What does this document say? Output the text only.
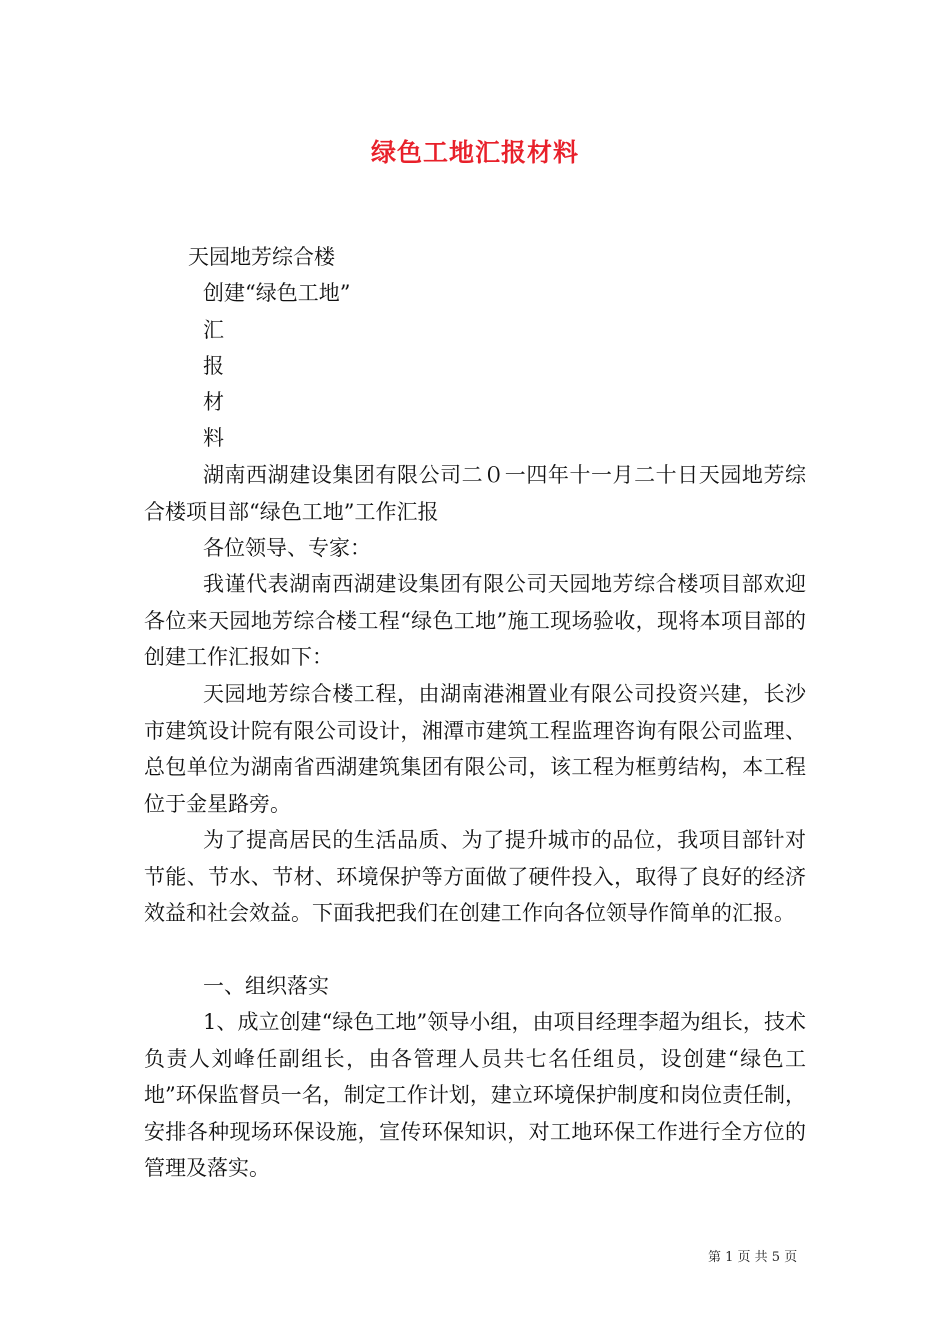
绿色工地汇报材料
天园地芳综合楼
创建“绿色工地”
汇
报
材
料
湖南西湖建设集团有限公司二０一四年十一月二十日天园地芳综合楼项目部“绿色工地”工作汇报
各位领导、专家：
我谨代表湖南西湖建设集团有限公司天园地芳综合楼项目部欢迎各位来天园地芳综合楼工程“绿色工地”施工现场验收，现将本项目部的创建工作汇报如下：
天园地芳综合楼工程，由湖南港湘置业有限公司投资兴建，长沙市建筑设计院有限公司设计，湘潭市建筑工程监理咨询有限公司监理、总包单位为湖南省西湖建筑集团有限公司，该工程为框剪结构，本工程位于金星路旁。
为了提高居民的生活品质、为了提升城市的品位，我项目部针对节能、节水、节材、环境保护等方面做了硬件投入，取得了良好的经济效益和社会效益。下面我把我们在创建工作向各位领导作简单的汇报。
一、组织落实
1、成立创建“绿色工地”领导小组，由项目经理李超为组长，技术负责人刘峰任副组长，由各管理人员共七名任组员，设创建“绿色工地”环保监督员一名，制定工作计划，建立环境保护制度和岗位责任制，安排各种现场环保设施，宣传环保知识，对工地环保工作进行全方位的管理及落实。
第 1 页 共 5 页
